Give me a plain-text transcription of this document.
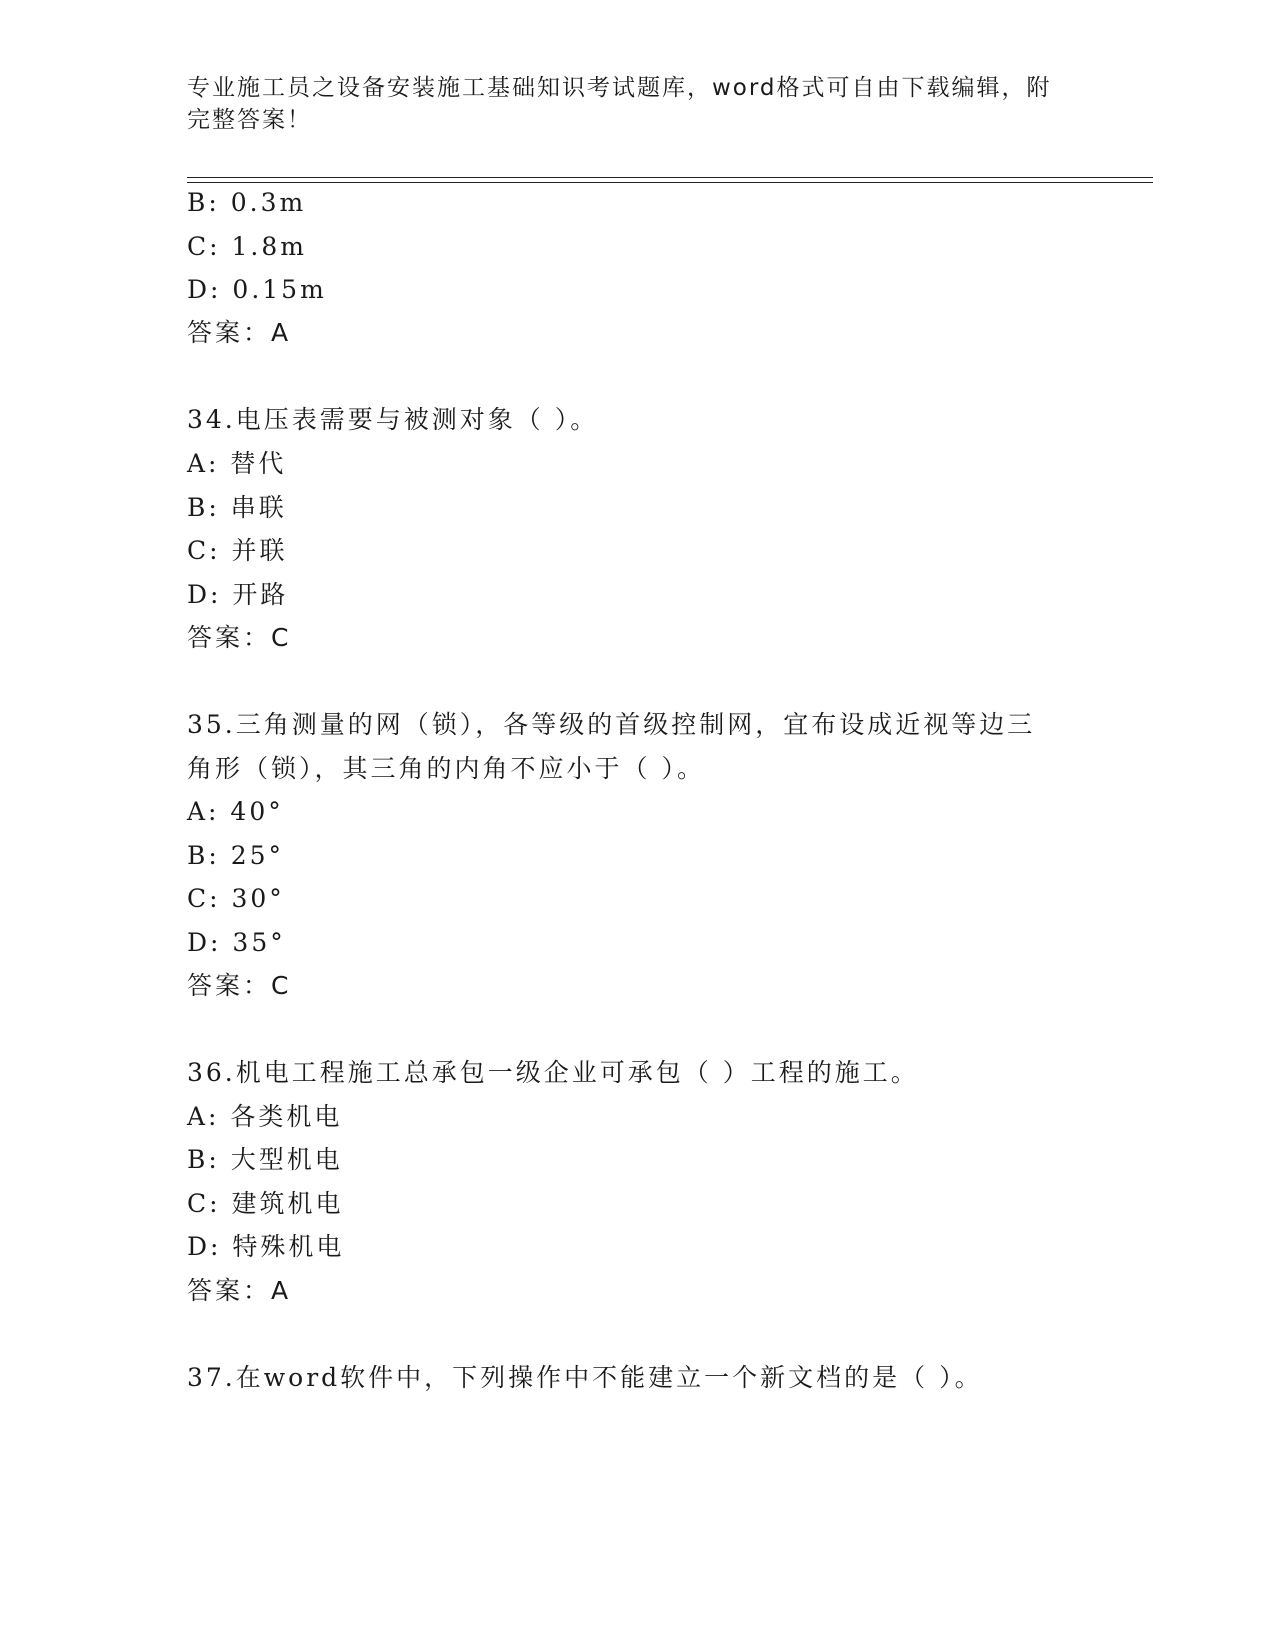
专业施工员之设备安装施工基础知识考试题库，word格式可自由下载编辑，附完整答案！
B: 0.3m
C: 1.8m
D: 0.15m
答案：A
34.电压表需要与被测对象（ ）。
A: 替代
B: 串联
C: 并联
D: 开路
答案：C
35.三角测量的网（锁），各等级的首级控制网，宜布设成近视等边三
角形（锁），其三角的内角不应小于（ ）。
A: 40°
B: 25°
C: 30°
D: 35°
答案：C
36.机电工程施工总承包一级企业可承包（ ）工程的施工。
A: 各类机电
B: 大型机电
C: 建筑机电
D: 特殊机电
答案：A
37.在word软件中，下列操作中不能建立一个新文档的是（ ）。
